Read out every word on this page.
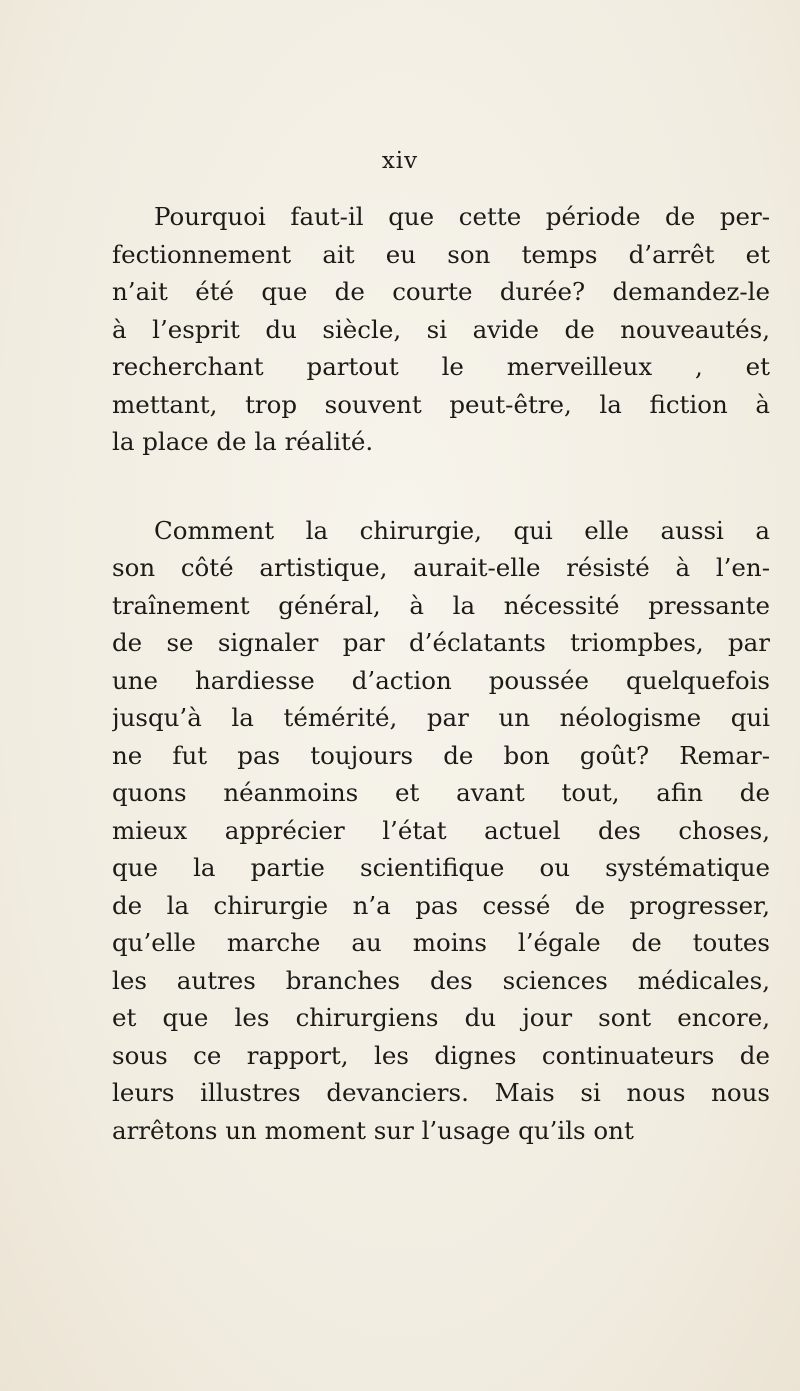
xiv

Pourquoi faut-il que cette période de per-
fectionnement ait eu son temps d’arrêt et
n’ait été que de courte durée? demandez-le
à l’esprit du siècle, si avide de nouveautés,
recherchant partout le merveilleux , et
mettant, trop souvent peut-être, la fiction à
la place de la réalité.

Comment la chirurgie, qui elle aussi a
son côté artistique, aurait-elle résisté à l’en-
traînement général, à la nécessité pressante
de se signaler par d’éclatants triompbes, par
une hardiesse d’action poussée quelquefois
jusqu’à la témérité, par un néologisme qui
ne fut pas toujours de bon goût? Remar-
quons néanmoins et avant tout, afin de
mieux apprécier l’état actuel des choses,
que la partie scientifique ou systématique
de la chirurgie n’a pas cessé de progresser,
qu’elle marche au moins l’égale de toutes
les autres branches des sciences médicales,
et que les chirurgiens du jour sont encore,
sous ce rapport, les dignes continuateurs de
leurs illustres devanciers. Mais si nous nous
arrêtons un moment sur l’usage qu’ils ont
